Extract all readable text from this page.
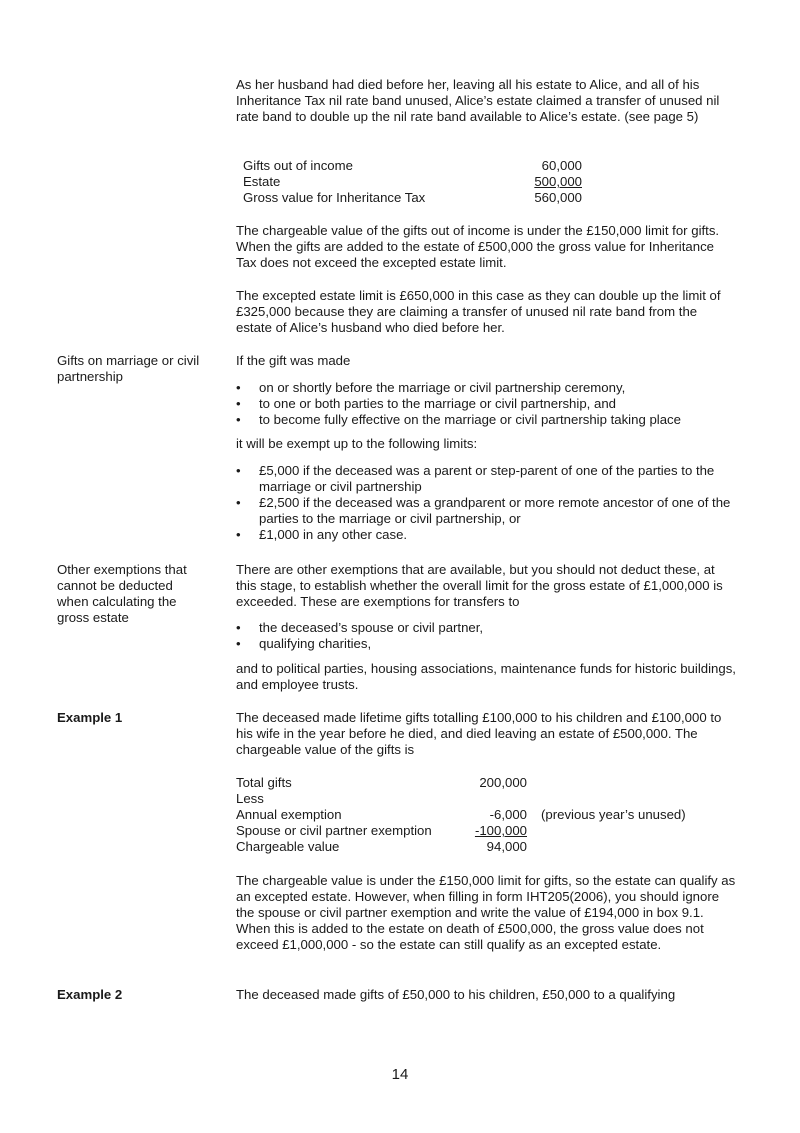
As her husband had died before her, leaving all his estate to Alice, and all of his Inheritance Tax nil rate band unused, Alice’s estate claimed a transfer of unused nil rate band to double up the nil rate band available to Alice’s estate. (see page 5)

Gifts out of income	60,000
Estate	500,000
Gross value for Inheritance Tax	560,000

The chargeable value of the gifts out of income is under the £150,000 limit for gifts. When the gifts are added to the estate of £500,000 the gross value for Inheritance Tax does not exceed the excepted estate limit.

The excepted estate limit is £650,000 in this case as they can double up the limit of £325,000 because they are claiming a transfer of unused nil rate band from the estate of Alice’s husband who died before her.

Gifts on marriage or civil partnership

If the gift was made

• on or shortly before the marriage or civil partnership ceremony,
• to one or both parties to the marriage or civil partnership, and
• to become fully effective on the marriage or civil partnership taking place

it will be exempt up to the following limits:

• £5,000 if the deceased was a parent or step-parent of one of the parties to the marriage or civil partnership
• £2,500 if the deceased was a grandparent or more remote ancestor of one of the parties to the marriage or civil partnership, or
• £1,000 in any other case.

Other exemptions that cannot be deducted when calculating the gross estate

There are other exemptions that are available, but you should not deduct these, at this stage, to establish whether the overall limit for the gross estate of £1,000,000 is exceeded. These are exemptions for transfers to

• the deceased’s spouse or civil partner,
• qualifying charities,

and to political parties, housing associations, maintenance funds for historic buildings, and employee trusts.

Example 1	The deceased made lifetime gifts totalling £100,000 to his children and £100,000 to his wife in the year before he died, and died leaving an estate of £500,000. The chargeable value of the gifts is

Total gifts	200,000	
Less		
Annual exemption	-6,000	(previous year’s unused)
Spouse or civil partner exemption	-100,000	
Chargeable value	94,000	

The chargeable value is under the £150,000 limit for gifts, so the estate can qualify as an excepted estate. However, when filling in form IHT205(2006), you should ignore the spouse or civil partner exemption and write the value of £194,000 in box 9.1. When this is added to the estate on death of £500,000, the gross value does not exceed £1,000,000 - so the estate can still qualify as an excepted estate.

Example 2	The deceased made gifts of £50,000 to his children, £50,000 to a qualifying

14
